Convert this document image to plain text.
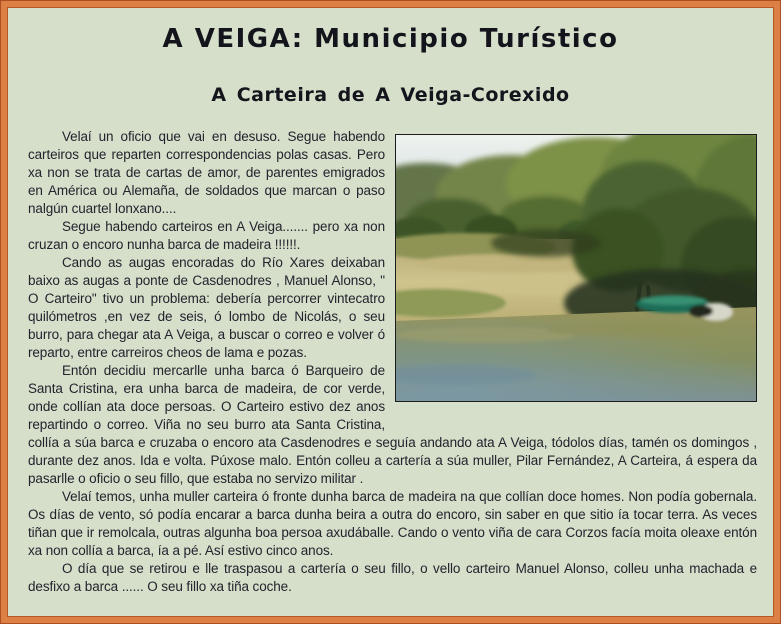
A VEIGA: Municipio Turístico
A Carteira de A Veiga-Corexido

Velaí un oficio que vai en desuso. Segue habendo carteiros que reparten correspondencias polas casas. Pero xa non se trata de cartas de amor, de parentes emigrados en América ou Alemaña, de soldados que marcan o paso nalgún cuartel lonxano....

Segue habendo carteiros en A Veiga....... pero xa non cruzan o encoro nunha barca de madeira !!!!!!.

Cando as augas encoradas do Río Xares deixaban baixo as augas a ponte de Casdenodres , Manuel Alonso, " O Carteiro" tivo un problema: debería percorrer vintecatro quilómetros ,en vez de seis, ó lombo de Nicolás, o seu burro, para chegar ata A Veiga, a buscar o correo e volver ó reparto, entre carreiros cheos de lama e pozas.

Entón decidiu mercarlle unha barca ó Barqueiro de Santa Cristina, era unha barca de madeira, de cor verde, onde collían ata doce persoas. O Carteiro estivo dez anos repartindo o correo. Viña no seu burro ata Santa Cristina, collía a súa barca e cruzaba o encoro ata Casdenodres e seguía andando ata A Veiga, tódolos días, tamén os domingos , durante dez anos. Ida e volta. Púxose malo. Entón colleu a cartería a súa muller, Pilar Fernández, A Carteira, á espera da pasarlle o oficio o seu fillo, que estaba no servizo militar .

Velaí temos, unha muller carteira ó fronte dunha barca de madeira na que collían doce homes. Non podía gobernala. Os días de vento, só podía encarar a barca dunha beira a outra do encoro, sin saber en que sitio ía tocar terra. As veces tiñan que ir remolcala, outras algunha boa persoa axudáballe. Cando o vento viña de cara Corzos facía moita oleaxe entón xa non collía a barca, ía a pé. Así estivo cinco anos.

O día que se retirou e lle traspasou a cartería o seu fillo, o vello carteiro Manuel Alonso, colleu unha machada e desfixo a barca ...... O seu fillo xa tiña coche.
